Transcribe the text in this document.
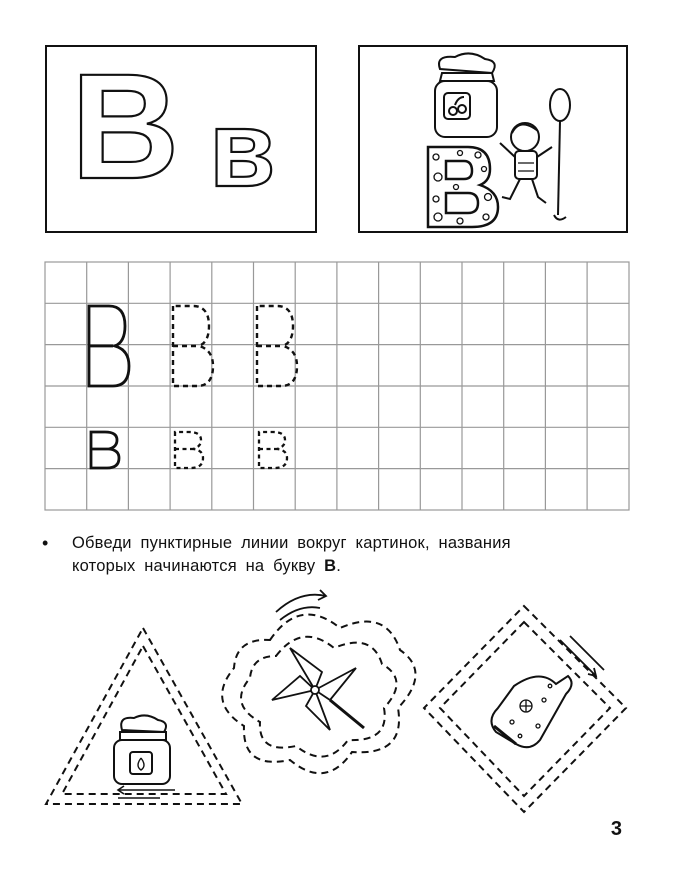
В в
• Обведи пунктирные линии вокруг картинок, названия
которых начинаются на букву В.
3
